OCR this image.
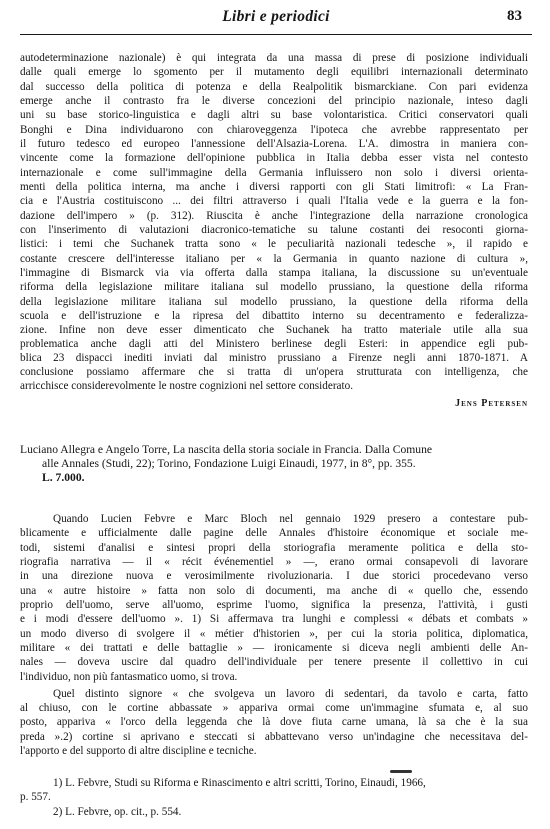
Libri e periodici	83
autodeterminazione nazionale) è qui integrata da una massa di prese di posizione individuali
dalle quali emerge lo sgomento per il mutamento degli equilibri internazionali determinato
dal successo della politica di potenza e della Realpolitik bismarckiane. Con pari evidenza
emerge anche il contrasto fra le diverse concezioni del principio nazionale, inteso dagli
uni su base storico-linguistica e dagli altri su base volontaristica. Critici conservatori quali
Bonghi e Dina individuarono con chiaroveggenza l'ipoteca che avrebbe rappresentato per
il futuro tedesco ed europeo l'annessione dell'Alsazia-Lorena. L'A. dimostra in maniera con-
vincente come la formazione dell'opinione pubblica in Italia debba esser vista nel contesto
internazionale e come sull'immagine della Germania influissero non solo i diversi orienta-
menti della politica interna, ma anche i diversi rapporti con gli Stati limitrofi: « La Fran-
cia e l'Austria costituiscono ... dei filtri attraverso i quali l'Italia vede e la guerra e la fon-
dazione dell'impero » (p. 312). Riuscita è anche l'integrazione della narrazione cronologica
con l'inserimento di valutazioni diacronico-tematiche su talune costanti dei resoconti giorna-
listici: i temi che Suchanek tratta sono « le peculiarità nazionali tedesche », il rapido e
costante crescere dell'interesse italiano per « la Germania in quanto nazione di cultura »,
l'immagine di Bismarck via via offerta dalla stampa italiana, la discussione su un'eventuale
riforma della legislazione militare italiana sul modello prussiano, la questione della riforma
della legislazione militare italiana sul modello prussiano, la questione della riforma della
scuola e dell'istruzione e la ripresa del dibattito interno su decentramento e federalizza-
zione. Infine non deve esser dimenticato che Suchanek ha tratto materiale utile alla sua
problematica anche dagli atti del Ministero berlinese degli Esteri: in appendice egli pub-
blica 23 dispacci inediti inviati dal ministro prussiano a Firenze negli anni 1870-1871. A
conclusione possiamo affermare che si tratta di un'opera strutturata con intelligenza, che
arricchisce considerevolmente le nostre cognizioni nel settore considerato.
Jens Petersen
Luciano Allegra e Angelo Torre, La nascita della storia sociale in Francia. Dalla Comune
alle Annales (Studi, 22); Torino, Fondazione Luigi Einaudi, 1977, in 8°, pp. 355.
L. 7.000.
Quando Lucien Febvre e Marc Bloch nel gennaio 1929 presero a contestare pub-
blicamente e ufficialmente dalle pagine delle Annales d'histoire économique et sociale me-
todi, sistemi d'analisi e sintesi propri della storiografia meramente politica e della sto-
riografia narrativa — il « récit événementiel » —, erano ormai consapevoli di lavorare
in una direzione nuova e verosimilmente rivoluzionaria. I due storici procedevano verso
una « autre histoire » fatta non solo di documenti, ma anche di « quello che, essendo
proprio dell'uomo, serve all'uomo, esprime l'uomo, significa la presenza, l'attività, i gusti
e i modi d'essere dell'uomo ». 1) Si affermava tra lunghi e complessi « débats et combats »
un modo diverso di svolgere il « métier d'historien », per cui la storia politica, diplomatica,
militare « dei trattati e delle battaglie » — ironicamente si diceva negli ambienti delle An-
nales — doveva uscire dal quadro dell'individuale per tenere presente il collettivo in cui
l'individuo, non più fantasmatico uomo, si trova.
Quel distinto signore « che svolgeva un lavoro di sedentari, da tavolo e carta, fatto
al chiuso, con le cortine abbassate » appariva ormai come un'immagine sfumata e, al suo
posto, appariva « l'orco della leggenda che là dove fiuta carne umana, là sa che è la sua
preda ».2) cortine si aprivano e steccati si abbattevano verso un'indagine che necessitava del-
l'apporto e del supporto di altre discipline e tecniche.
1) L. Febvre, Studi su Riforma e Rinascimento e altri scritti, Torino, Einaudi, 1966,
p. 557.
2) L. Febvre, op. cit., p. 554.
